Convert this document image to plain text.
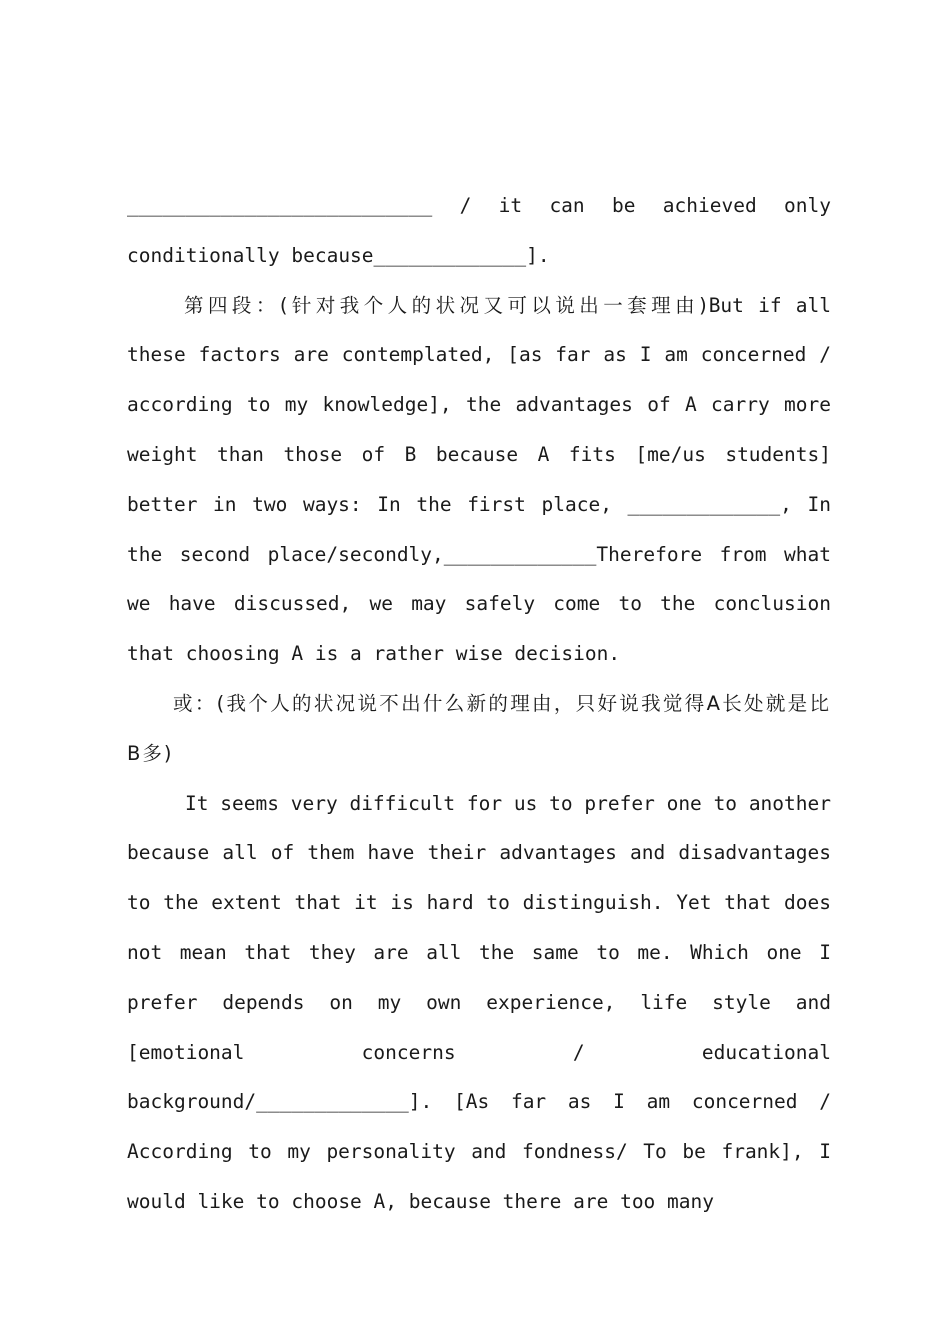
__________________________ / it can be achieved only

conditionally because_____________].

第四段：(针对我个人的状况又可以说出一套理由)But if all these factors are contemplated, [as far as I am concerned / according to my knowledge], the advantages of A carry more weight than those of B because A fits [me/us students] better in two ways: In the first place, _____________, In the second place/secondly,_____________Therefore from what we have discussed, we may safely come to the conclusion that choosing A is a rather wise decision.

或：(我个人的状况说不出什么新的理由，只好说我觉得A长处就是比B多)

It seems very difficult for us to prefer one to another because all of them have their advantages and disadvantages to the extent that it is hard to distinguish. Yet that does not mean that they are all the same to me. Which one I prefer depends on my own experience, life style and [emotional concerns / educational background/_____________]. [As far as I am concerned / According to my personality and fondness/ To be frank], I would like to choose A, because there are too many
